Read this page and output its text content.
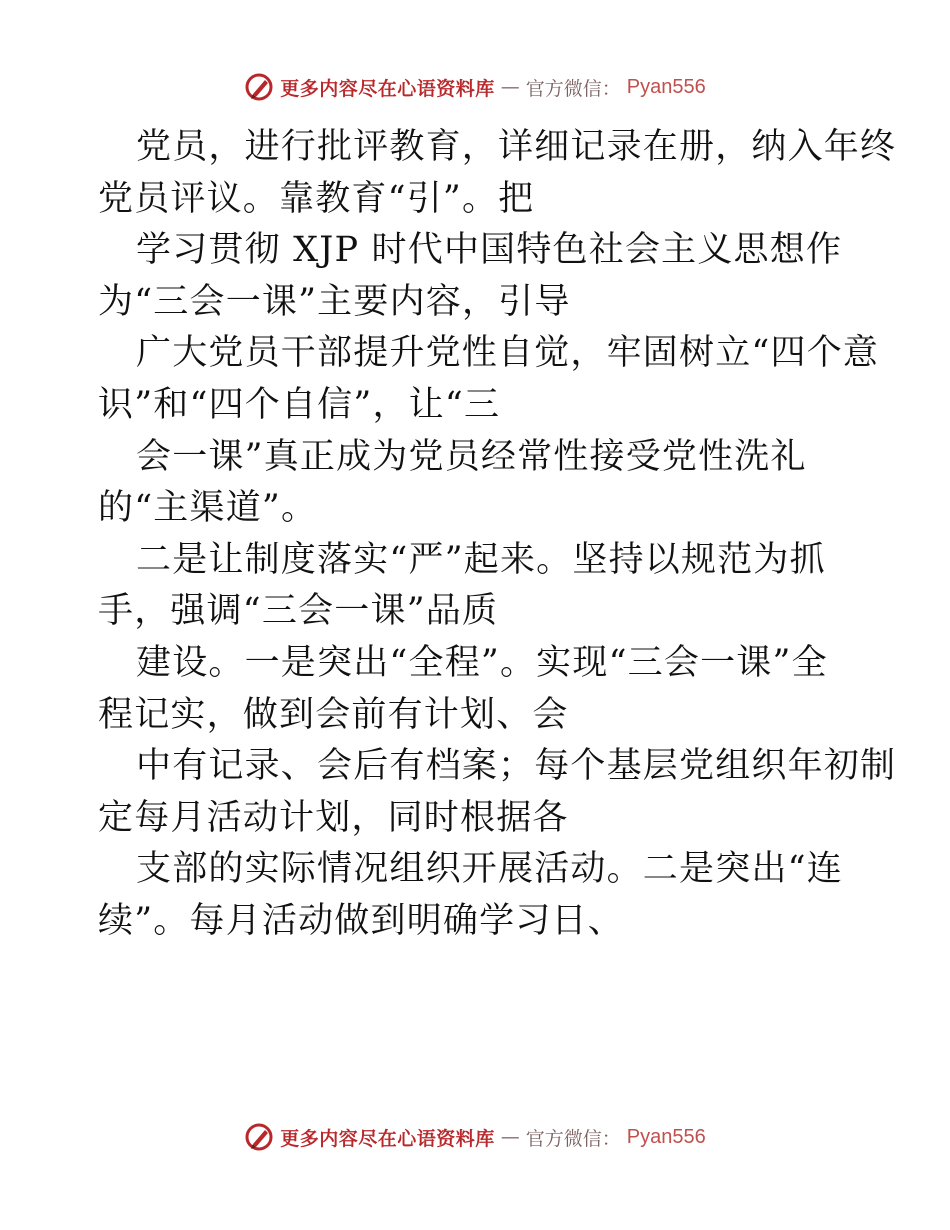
更多内容尽在心语资料库 — 官方微信： Pyan556
党员，进行批评教育，详细记录在册，纳入年终
党员评议。靠教育“引”。把
学习贯彻 XJP 时代中国特色社会主义思想作
为“三会一课”主要内容，引导
广大党员干部提升党性自觉，牢固树立“四个意
识”和“四个自信”，让“三
会一课”真正成为党员经常性接受党性洗礼
的“主渠道”。
二是让制度落实“严”起来。坚持以规范为抓
手，强调“三会一课”品质
建设。一是突出“全程”。实现“三会一课”全
程记实，做到会前有计划、会
中有记录、会后有档案；每个基层党组织年初制
定每月活动计划，同时根据各
支部的实际情况组织开展活动。二是突出“连
续”。每月活动做到明确学习日、
更多内容尽在心语资料库 — 官方微信： Pyan556
